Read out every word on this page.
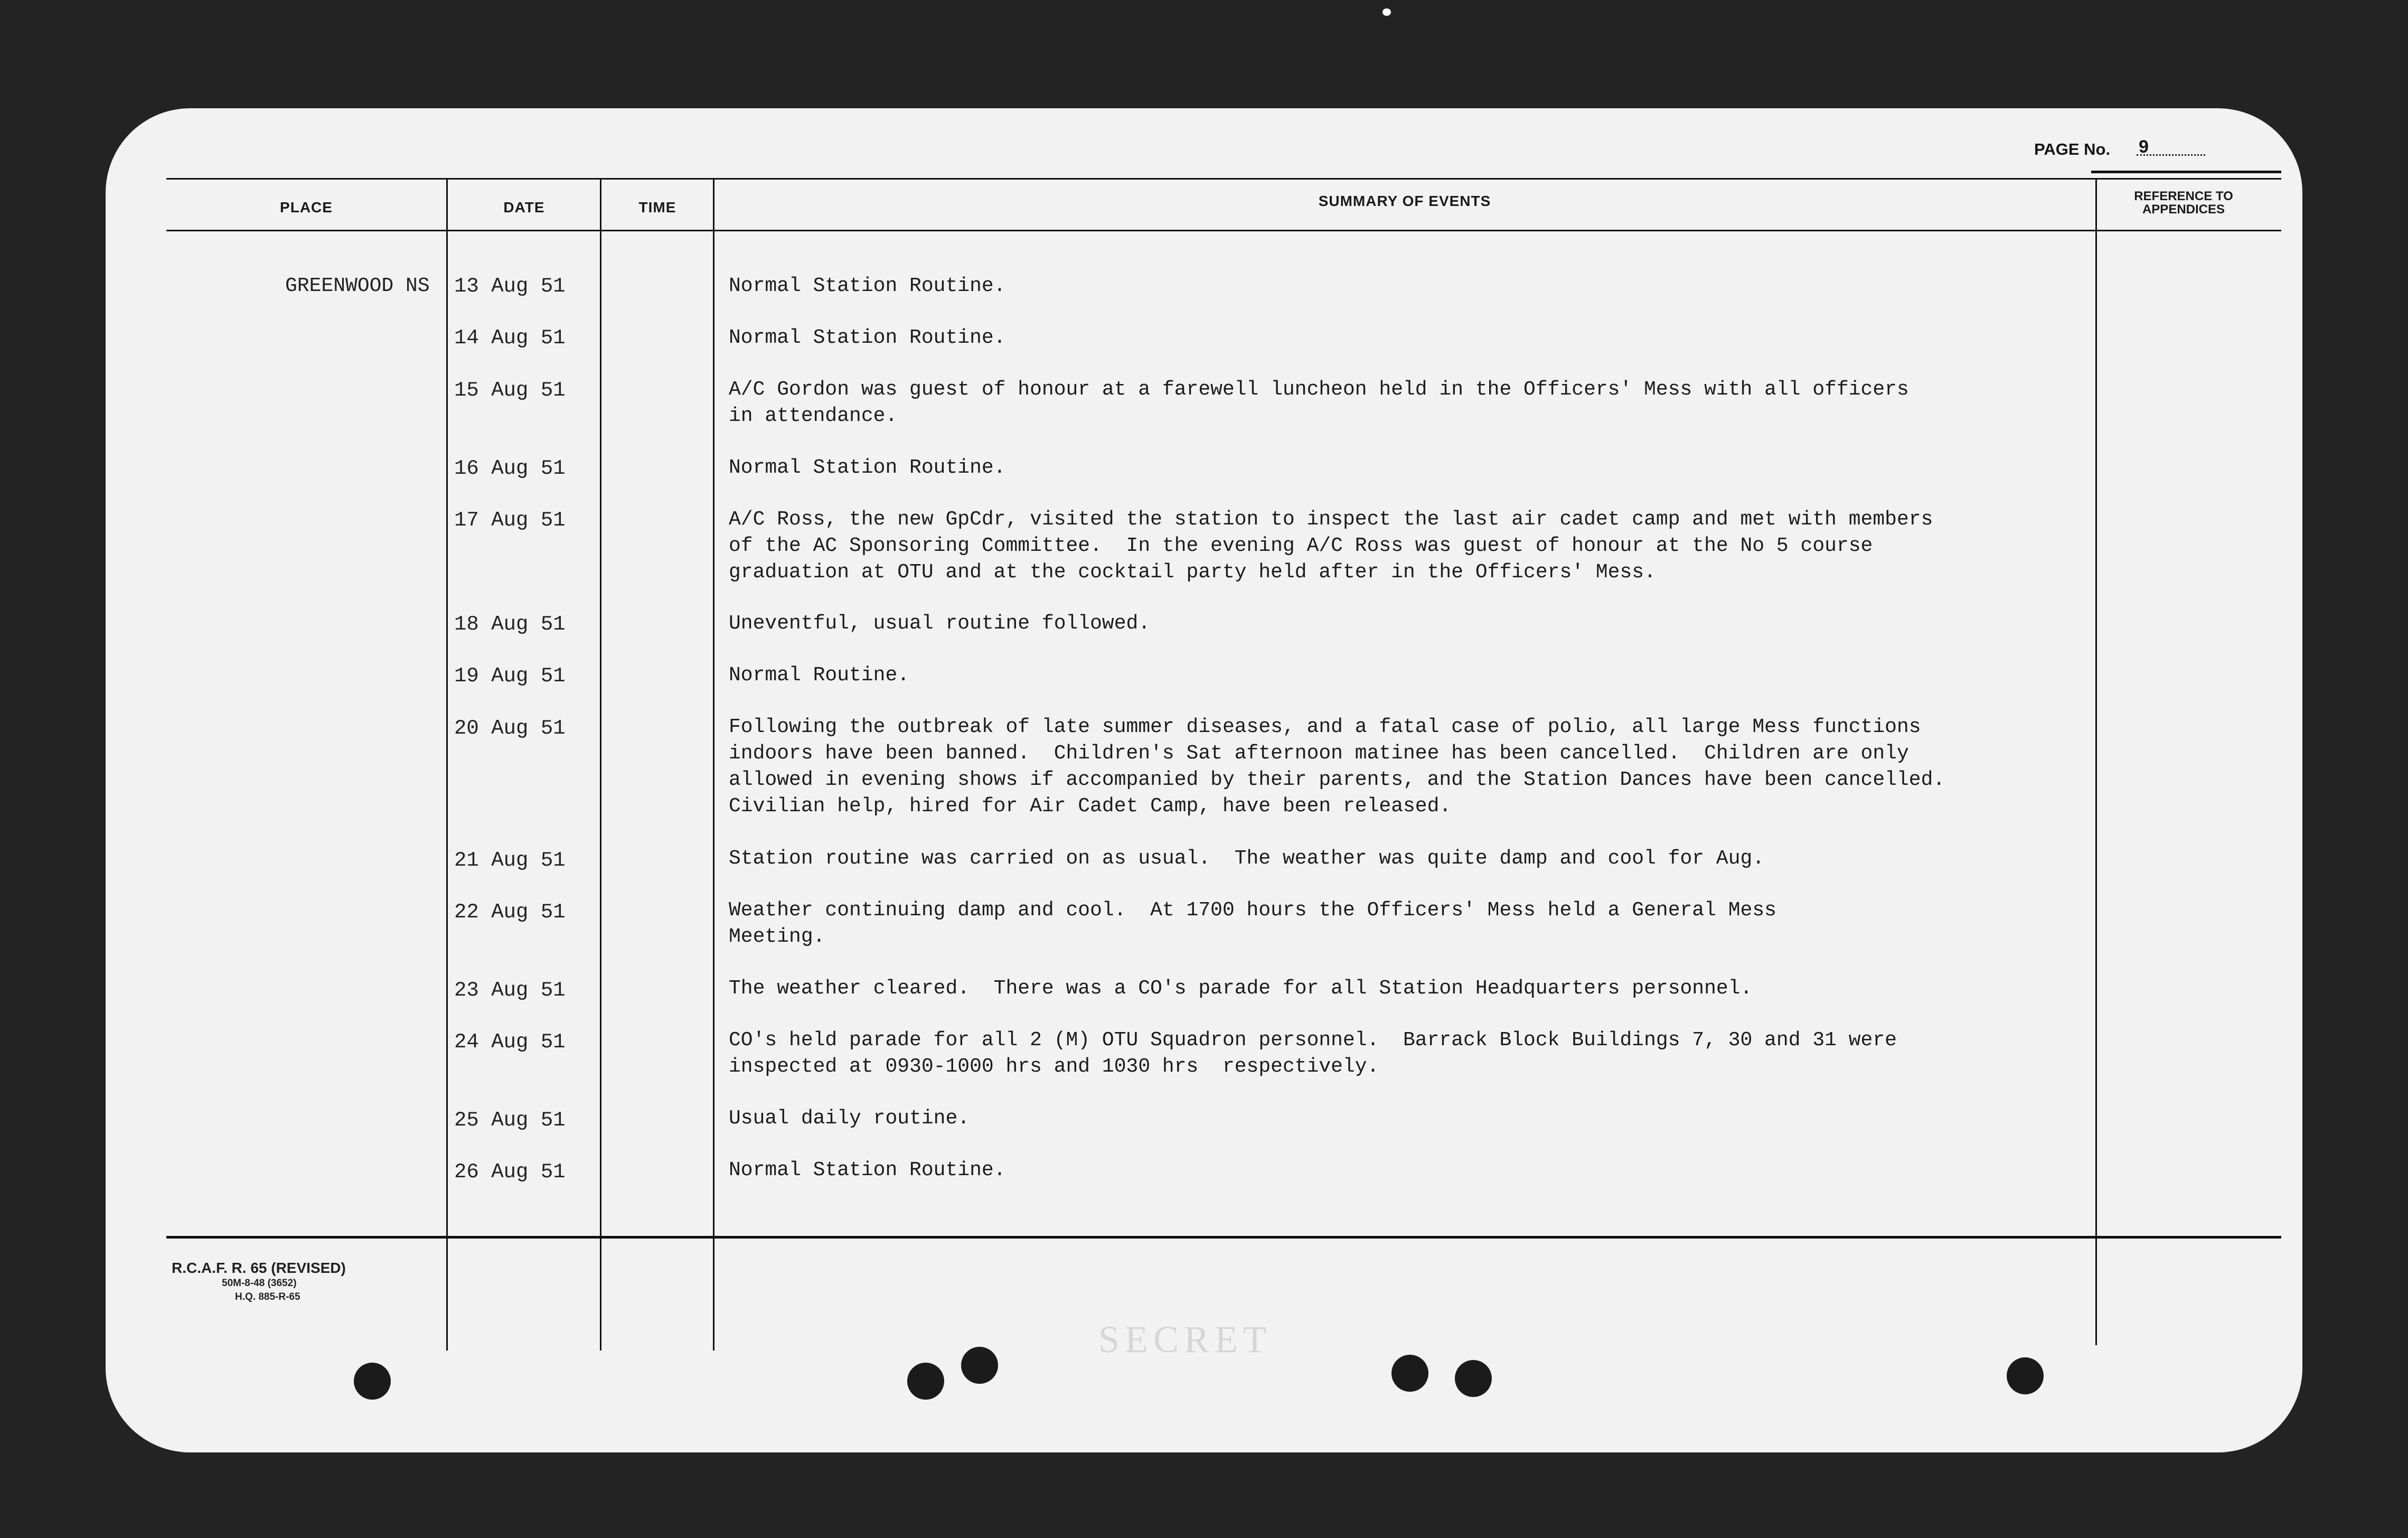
PAGE No. 9
PLACE	DATE	TIME	SUMMARY OF EVENTS	REFERENCE TO
APPENDICES
GREENWOOD NS 13 Aug 51	Normal Station Routine.
14 Aug 51	Normal Station Routine.
15 Aug 51	A/C Gordon was guest of honour at a farewell luncheon held in the Officers' Mess with all officers
in attendance.
16 Aug 51	Normal Station Routine.
17 Aug 51	A/C Ross, the new GpCdr, visited the station to inspect the last air cadet camp and met with members
of the AC Sponsoring Committee.  In the evening A/C Ross was guest of honour at the No 5 course
graduation at OTU and at the cocktail party held after in the Officers' Mess.
18 Aug 51	Uneventful, usual routine followed.
19 Aug 51	Normal Routine.
20 Aug 51	Following the outbreak of late summer diseases, and a fatal case of polio, all large Mess functions
indoors have been banned.  Children's Sat afternoon matinee has been cancelled.  Children are only
allowed in evening shows if accompanied by their parents, and the Station Dances have been cancelled.
Civilian help, hired for Air Cadet Camp, have been released.
21 Aug 51	Station routine was carried on as usual.  The weather was quite damp and cool for Aug.
22 Aug 51	Weather continuing damp and cool.  At 1700 hours the Officers' Mess held a General Mess
Meeting.
23 Aug 51	The weather cleared.  There was a CO's parade for all Station Headquarters personnel.
24 Aug 51	CO's held parade for all 2 (M) OTU Squadron personnel.  Barrack Block Buildings 7, 30 and 31 were
inspected at 0930-1000 hrs and 1030 hrs  respectively.
25 Aug 51	Usual daily routine.
26 Aug 51	Normal Station Routine.
R.C.A.F. R. 65 (REVISED)
50M-8-48 (3652)
H.Q. 885-R-65
SECRET
